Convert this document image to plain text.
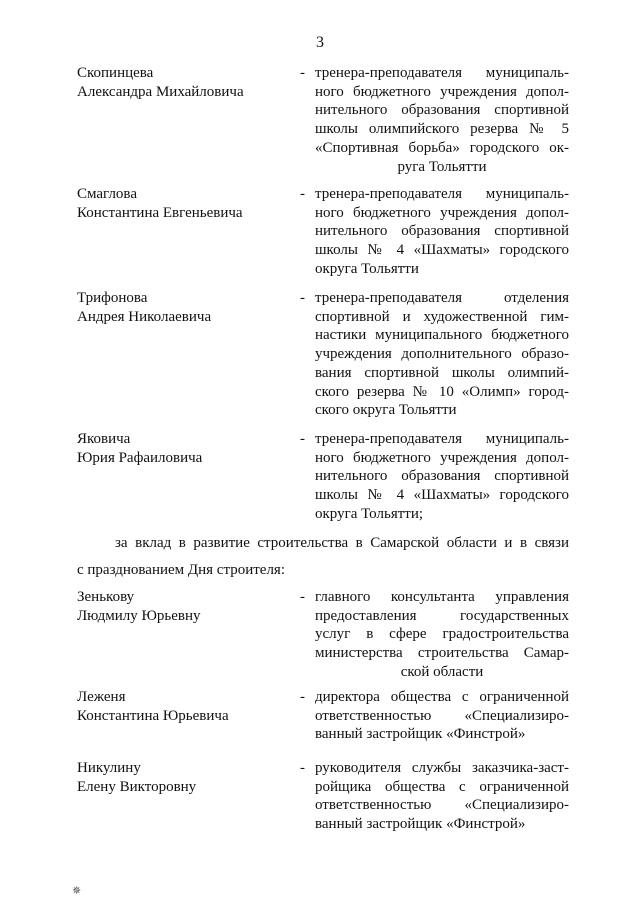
3
Скопинцева
Александра Михайловича
- тренера-преподавателя муниципаль-
ного бюджетного учреждения допол-
нительного образования спортивной
школы олимпийского резерва № 5
«Спортивная борьба» городского ок-
руга Тольятти
Смаглова
Константина Евгеньевича
- тренера-преподавателя муниципаль-
ного бюджетного учреждения допол-
нительного образования спортивной
школы № 4 «Шахматы» городского
округа Тольятти
Трифонова
Андрея Николаевича
- тренера-преподавателя отделения
спортивной и художественной гим-
настики муниципального бюджетного
учреждения дополнительного образо-
вания спортивной школы олимпий-
ского резерва № 10 «Олимп» город-
ского округа Тольятти
Яковича
Юрия Рафаиловича
- тренера-преподавателя муниципаль-
ного бюджетного учреждения допол-
нительного образования спортивной
школы № 4 «Шахматы» городского
округа Тольятти;
за вклад в развитие строительства в Самарской области и в связи
с празднованием Дня строителя:
Зенькову
Людмилу Юрьевну
- главного консультанта управления
предоставления государственных
услуг в сфере градостроительства
министерства строительства Самар-
ской области
Леженя
Константина Юрьевича
- директора общества с ограниченной
ответственностью «Специализиро-
ванный застройщик «Финстрой»
Никулину
Елену Викторовну
- руководителя службы заказчика-заст-
ройщика общества с ограниченной
ответственностью «Специализиро-
ванный застройщик «Финстрой»
✵
